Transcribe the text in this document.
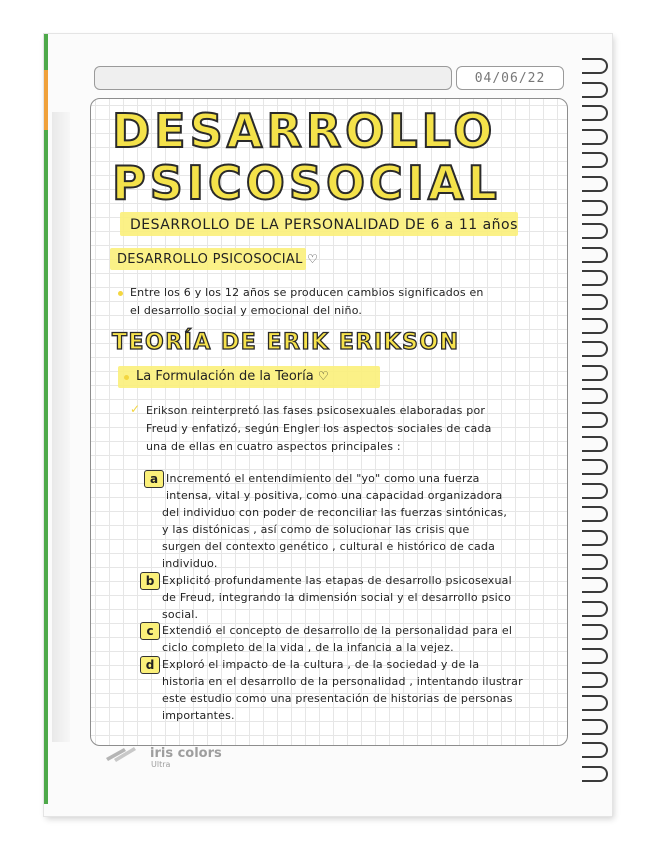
04/06/22
DESARROLLO
PSICOSOCIAL
DESARROLLO DE LA PERSONALIDAD DE 6 a 11 años
DESARROLLO PSICOSOCIAL ♡
Entre los 6 y los 12 años se producen cambios significados en
el desarrollo social y emocional del niño.
TEORÍA DE ERIK ERIKSON
La Formulación de la Teoría ♡
✓ Erikson reinterpretó las fases psicosexuales elaboradas por
Freud y enfatizó, según Engler los aspectos sociales de cada
una de ellas en cuatro aspectos principales :
a Incrementó el entendimiento del "yo" como una fuerza
intensa, vital y positiva, como una capacidad organizadora
del individuo con poder de reconciliar las fuerzas sintónicas,
y las distónicas , así como de solucionar las crisis que
surgen del contexto genético , cultural e histórico de cada
individuo.
b Explicitó profundamente las etapas de desarrollo psicosexual
de Freud, integrando la dimensión social y el desarrollo psico
social.
c Extendió el concepto de desarrollo de la personalidad para el
ciclo completo de la vida , de la infancia a la vejez.
d Exploró el impacto de la cultura , de la sociedad y de la
historia en el desarrollo de la personalidad , intentando ilustrar
este estudio como una presentación de historias de personas
importantes.
iris colors
Ultra
